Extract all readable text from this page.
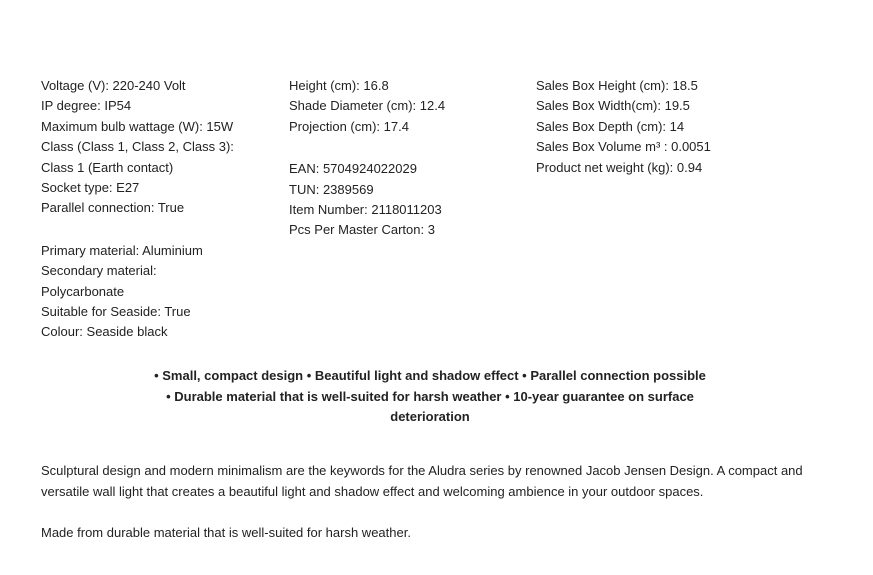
Voltage (V): 220-240 Volt
IP degree: IP54
Maximum bulb wattage (W): 15W
Class (Class 1, Class 2, Class 3):
Class 1 (Earth contact)
Socket type: E27
Parallel connection: True
Primary material: Aluminium
Secondary material:
Polycarbonate
Suitable for Seaside: True
Colour: Seaside black
Height (cm): 16.8
Shade Diameter (cm): 12.4
Projection (cm): 17.4
EAN: 5704924022029
TUN: 2389569
Item Number: 2118011203
Pcs Per Master Carton: 3
Sales Box Height (cm): 18.5
Sales Box Width(cm): 19.5
Sales Box Depth (cm): 14
Sales Box Volume m³ : 0.0051
Product net weight (kg): 0.94
• Small, compact design • Beautiful light and shadow effect • Parallel connection possible
• Durable material that is well-suited for harsh weather • 10-year guarantee on surface
deterioration

Sculptural design and modern minimalism are the keywords for the Aludra series by renowned Jacob Jensen Design. A compact and versatile wall light that creates a beautiful light and shadow effect and welcoming ambience in your outdoor spaces.

Made from durable material that is well-suited for harsh weather.
